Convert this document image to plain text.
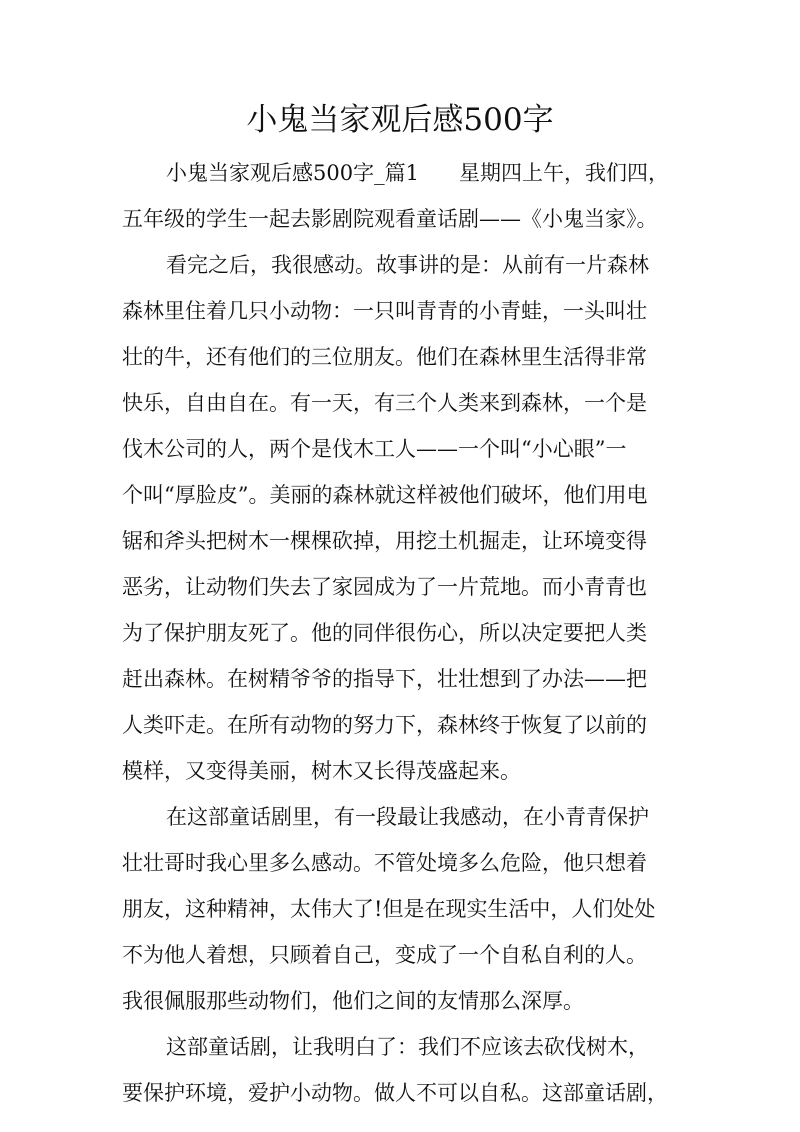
小鬼当家观后感500字
小鬼当家观后感500字_篇1 星期四上午，我们四，
五年级的学生一起去影剧院观看童话剧——《小鬼当家》。
看完之后，我很感动。故事讲的是：从前有一片森林
森林里住着几只小动物：一只叫青青的小青蛙，一头叫壮
壮的牛，还有他们的三位朋友。他们在森林里生活得非常
快乐，自由自在。有一天，有三个人类来到森林，一个是
伐木公司的人，两个是伐木工人——一个叫“小心眼”一
个叫“厚脸皮”。美丽的森林就这样被他们破坏，他们用电
锯和斧头把树木一棵棵砍掉，用挖土机掘走，让环境变得
恶劣，让动物们失去了家园成为了一片荒地。而小青青也
为了保护朋友死了。他的同伴很伤心，所以决定要把人类
赶出森林。在树精爷爷的指导下，壮壮想到了办法——把
人类吓走。在所有动物的努力下，森林终于恢复了以前的
模样，又变得美丽，树木又长得茂盛起来。
在这部童话剧里，有一段最让我感动，在小青青保护
壮壮哥时我心里多么感动。不管处境多么危险，他只想着
朋友，这种精神，太伟大了!但是在现实生活中，人们处处
不为他人着想，只顾着自己，变成了一个自私自利的人。
我很佩服那些动物们，他们之间的友情那么深厚。
这部童话剧，让我明白了：我们不应该去砍伐树木，
要保护环境，爱护小动物。做人不可以自私。这部童话剧，
